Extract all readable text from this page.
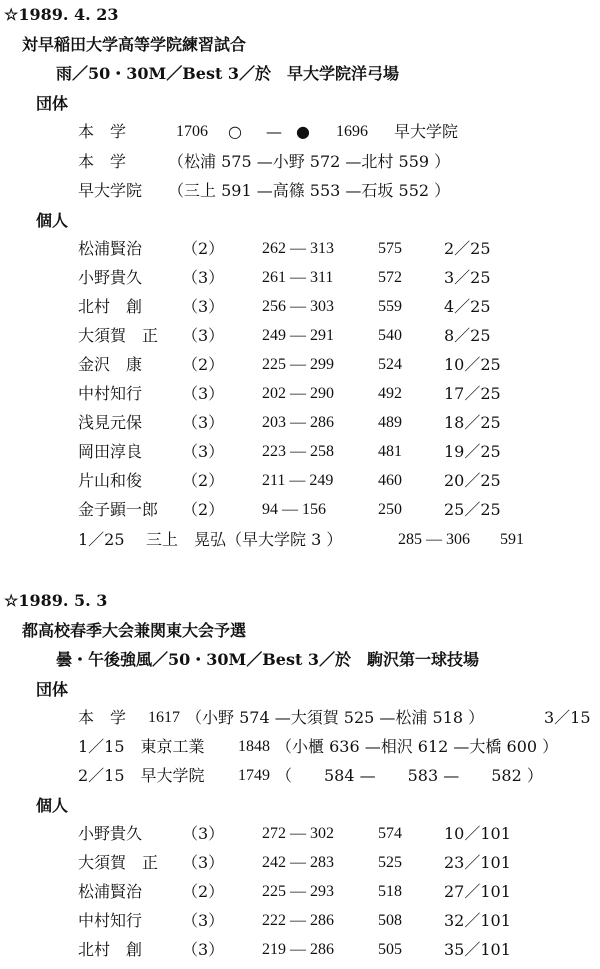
☆1989. 4. 23
対早稲田大学高等学院練習試合
雨／50・30M／Best 3／於　早大学院洋弓場
団体
本　学	1706 ○ — ● 1696 早大学院
本　学	（松浦 575 —小野 572 —北村 559 ）
早大学院 （三上 591 —高篠 553 —石坂 552 ）
個人
松浦賢治 （2） 262 — 313	575	2／25
小野貴久 （3） 261 — 311	572	3／25
北村　創 （3） 256 — 303	559	4／25
大須賀　正 （3） 249 — 291	540	8／25
金沢　康 （2） 225 — 299	524	10／25
中村知行 （3） 202 — 290	492	17／25
浅見元保 （3） 203 — 286	489	18／25
岡田淳良 （3） 223 — 258	481	19／25
片山和俊 （2） 211 — 249	460	20／25
金子顕一郎 （2） 94 — 156	250	25／25
1／25 三上　晃弘（早大学院 3 ）	285 — 306 591
☆1989. 5. 3
都高校春季大会兼関東大会予選
曇・午後強風／50・30M／Best 3／於　駒沢第一球技場
団体
本　学 1617 （小野 574 —大須賀 525 —松浦 518 ）	3／15
1／15　東京工業 1848 （小櫃 636 —相沢 612 —大橋 600 ）
2／15　早大学院 1749 （　　584 —　　583 —　　582 ）
個人
小野貴久 （3） 272 — 302	574	10／101
大須賀　正 （3） 242 — 283	525	23／101
松浦賢治 （2） 225 — 293	518	27／101
中村知行 （3） 222 — 286	508	32／101
北村　創 （3） 219 — 286	505	35／101
